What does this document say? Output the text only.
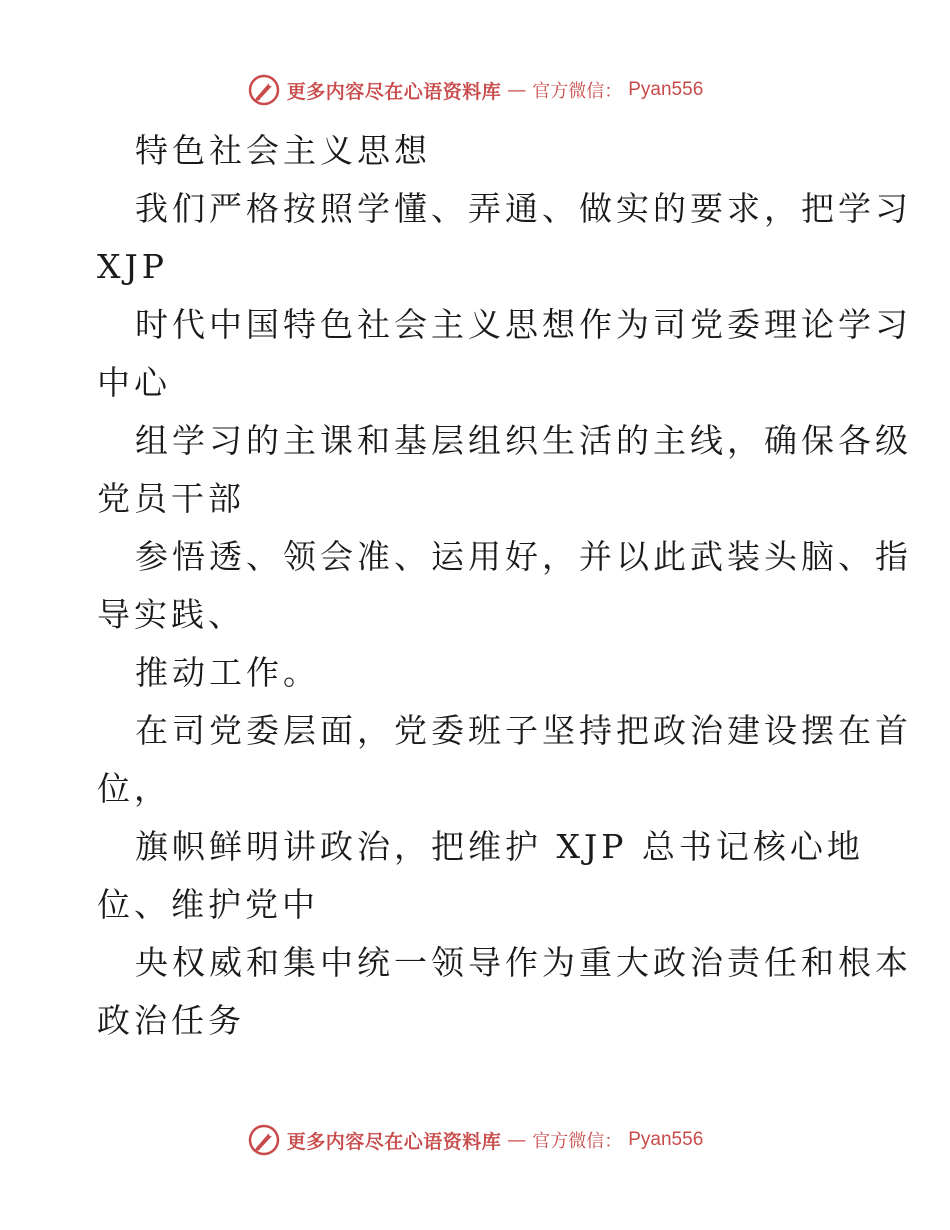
更多内容尽在心语资料库 — 官方微信： Pyan556
特色社会主义思想
我们严格按照学懂、弄通、做实的要求，把学习
XJP
时代中国特色社会主义思想作为司党委理论学习
中心
组学习的主课和基层组织生活的主线，确保各级
党员干部
参悟透、领会准、运用好，并以此武装头脑、指
导实践、
推动工作。
在司党委层面，党委班子坚持把政治建设摆在首
位，
旗帜鲜明讲政治，把维护 XJP 总书记核心地
位、维护党中
央权威和集中统一领导作为重大政治责任和根本
政治任务
更多内容尽在心语资料库 — 官方微信： Pyan556
